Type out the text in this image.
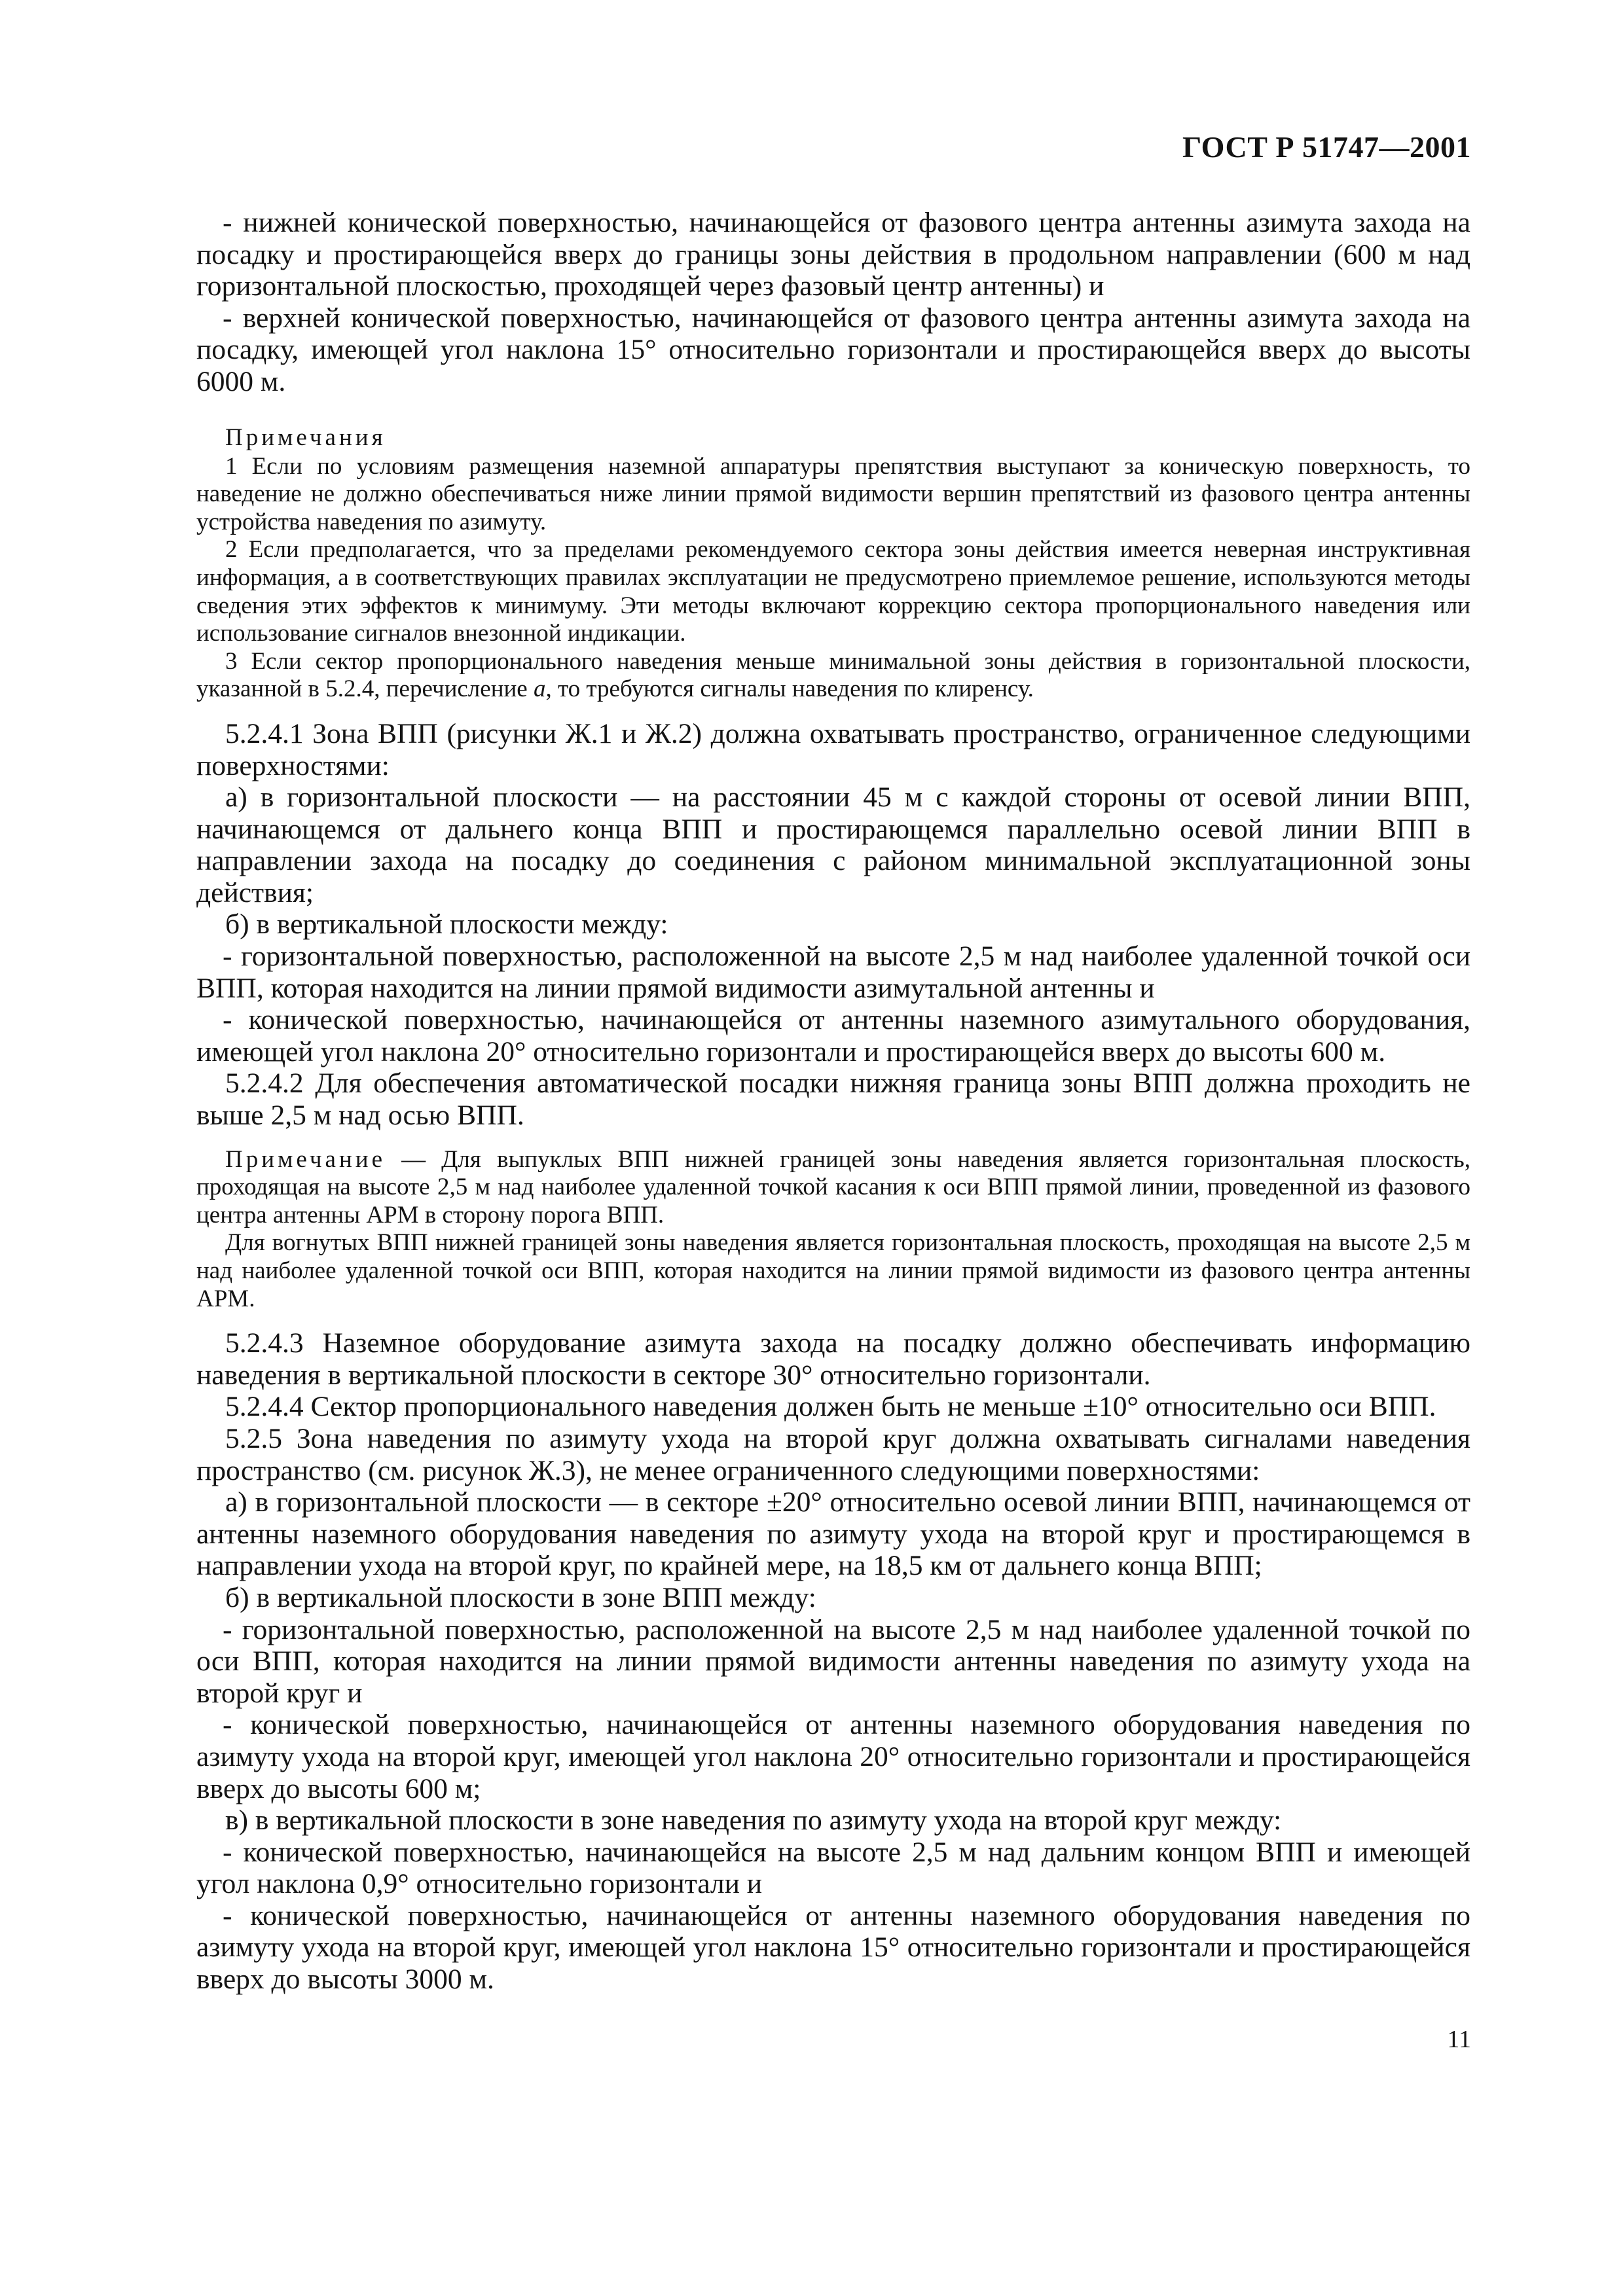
ГОСТ Р 51747—2001

- нижней конической поверхностью, начинающейся от фазового центра антенны азимута захода на посадку и простирающейся вверх до границы зоны действия в продольном направлении (600 м над горизонтальной плоскостью, проходящей через фазовый центр антенны) и

- верхней конической поверхностью, начинающейся от фазового центра антенны азимута захода на посадку, имеющей угол наклона 15° относительно горизонтали и простирающейся вверх до высоты 6000 м.

Примечания

1 Если по условиям размещения наземной аппаратуры препятствия выступают за коническую поверхность, то наведение не должно обеспечиваться ниже линии прямой видимости вершин препятствий из фазового центра антенны устройства наведения по азимуту.

2 Если предполагается, что за пределами рекомендуемого сектора зоны действия имеется неверная инструктивная информация, а в соответствующих правилах эксплуатации не предусмотрено приемлемое решение, используются методы сведения этих эффектов к минимуму. Эти методы включают коррекцию сектора пропорционального наведения или использование сигналов внезонной индикации.

3 Если сектор пропорционального наведения меньше минимальной зоны действия в горизонтальной плоскости, указанной в 5.2.4, перечисление а, то требуются сигналы наведения по клиренсу.

5.2.4.1 Зона ВПП (рисунки Ж.1 и Ж.2) должна охватывать пространство, ограниченное следующими поверхностями:

а) в горизонтальной плоскости — на расстоянии 45 м с каждой стороны от осевой линии ВПП, начинающемся от дальнего конца ВПП и простирающемся параллельно осевой линии ВПП в направлении захода на посадку до соединения с районом минимальной эксплуатационной зоны действия;

б) в вертикальной плоскости между:

- горизонтальной поверхностью, расположенной на высоте 2,5 м над наиболее удаленной точкой оси ВПП, которая находится на линии прямой видимости азимутальной антенны и

- конической поверхностью, начинающейся от антенны наземного азимутального оборудования, имеющей угол наклона 20° относительно горизонтали и простирающейся вверх до высоты 600 м.

5.2.4.2 Для обеспечения автоматической посадки нижняя граница зоны ВПП должна проходить не выше 2,5 м над осью ВПП.

Примечание — Для выпуклых ВПП нижней границей зоны наведения является горизонтальная плоскость, проходящая на высоте 2,5 м над наиболее удаленной точкой касания к оси ВПП прямой линии, проведенной из фазового центра антенны АРМ в сторону порога ВПП.

Для вогнутых ВПП нижней границей зоны наведения является горизонтальная плоскость, проходящая на высоте 2,5 м над наиболее удаленной точкой оси ВПП, которая находится на линии прямой видимости из фазового центра антенны АРМ.

5.2.4.3 Наземное оборудование азимута захода на посадку должно обеспечивать информацию наведения в вертикальной плоскости в секторе 30° относительно горизонтали.

5.2.4.4 Сектор пропорционального наведения должен быть не меньше ±10° относительно оси ВПП.

5.2.5 Зона наведения по азимуту ухода на второй круг должна охватывать сигналами наведения пространство (см. рисунок Ж.3), не менее ограниченного следующими поверхностями:

а) в горизонтальной плоскости — в секторе ±20° относительно осевой линии ВПП, начинающемся от антенны наземного оборудования наведения по азимуту ухода на второй круг и простирающемся в направлении ухода на второй круг, по крайней мере, на 18,5 км от дальнего конца ВПП;

б) в вертикальной плоскости в зоне ВПП между:

- горизонтальной поверхностью, расположенной на высоте 2,5 м над наиболее удаленной точкой по оси ВПП, которая находится на линии прямой видимости антенны наведения по азимуту ухода на второй круг и

- конической поверхностью, начинающейся от антенны наземного оборудования наведения по азимуту ухода на второй круг, имеющей угол наклона 20° относительно горизонтали и простирающейся вверх до высоты 600 м;

в) в вертикальной плоскости в зоне наведения по азимуту ухода на второй круг между:

- конической поверхностью, начинающейся на высоте 2,5 м над дальним концом ВПП и имеющей угол наклона 0,9° относительно горизонтали и

- конической поверхностью, начинающейся от антенны наземного оборудования наведения по азимуту ухода на второй круг, имеющей угол наклона 15° относительно горизонтали и простирающейся вверх до высоты 3000 м.

11
